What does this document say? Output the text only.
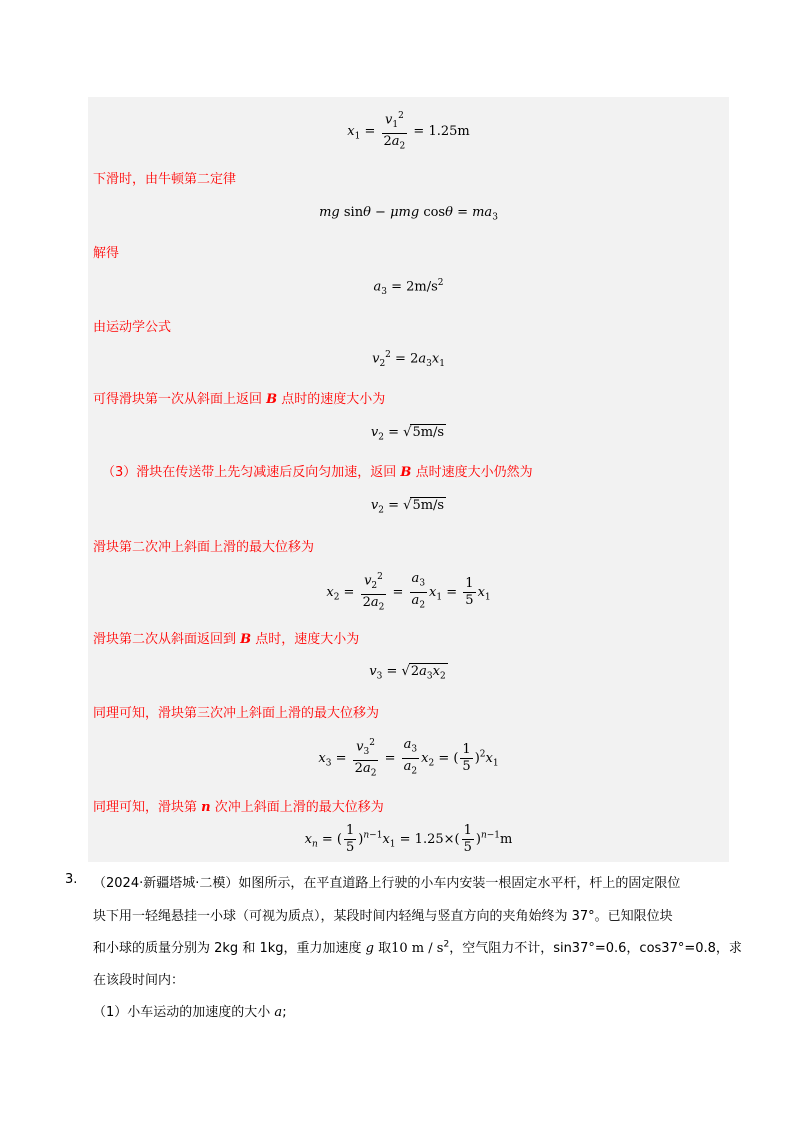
$x_1 = \frac{v_1^2}{2a_2} = 1.25m$
下滑时，由牛顿第二定律
mg sinθ − μmg $\cos\theta = ma_3$
解得
$a_3 = 2m/s^2$
由运动学公式
$v_2^2 = 2a_3x_1$
可得滑块第一次从斜面上返回 B 点时的速度大小为
$v_2 = √5m/s$
（3）滑块在传送带上先匀减速后反向匀加速，返回 B 点时速度大小仍然为
$v_2 = √5m/s$
滑块第二次冲上斜面上滑的最大位移为
$x_2 = \frac{v_2^2}{2a_2} = \frac{a_3}{a_2} x_1 = \frac{1}{5} x_1$
滑块第二次从斜面返回到 B 点时，速度大小为
$v_3 = √2a_3x_2$
同理可知，滑块第三次冲上斜面上滑的最大位移为
$x_3 = \frac{v_3^2}{2a_2} = \frac{a_3}{a_2} x_2$ = ( $\frac{1}{5} )^2x_1$
同理可知，滑块第 n 次冲上斜面上滑的最大位移为
$x_n$ = ( $\frac{1}{5} )^{n-1}x_1 = 1.25\times( \frac{1}{5} )^{n-1}m$
3. （2024·新疆塔城·二模）如图所示，在平直道路上行驶的小车内安装一根固定水平杆，杆上的固定限位
块下用一轻绳悬挂一小球（可视为质点），某段时间内轻绳与竖直方向的夹角始终为 37°。已知限位块
和小球的质量分别为 2kg 和 1kg，重力加速度 g 取10 m / $s^2$，空气阻力不计，sin37°=0.6，cos37°=0.8，求
在该段时间内：
（1）小车运动的加速度的大小 a;
